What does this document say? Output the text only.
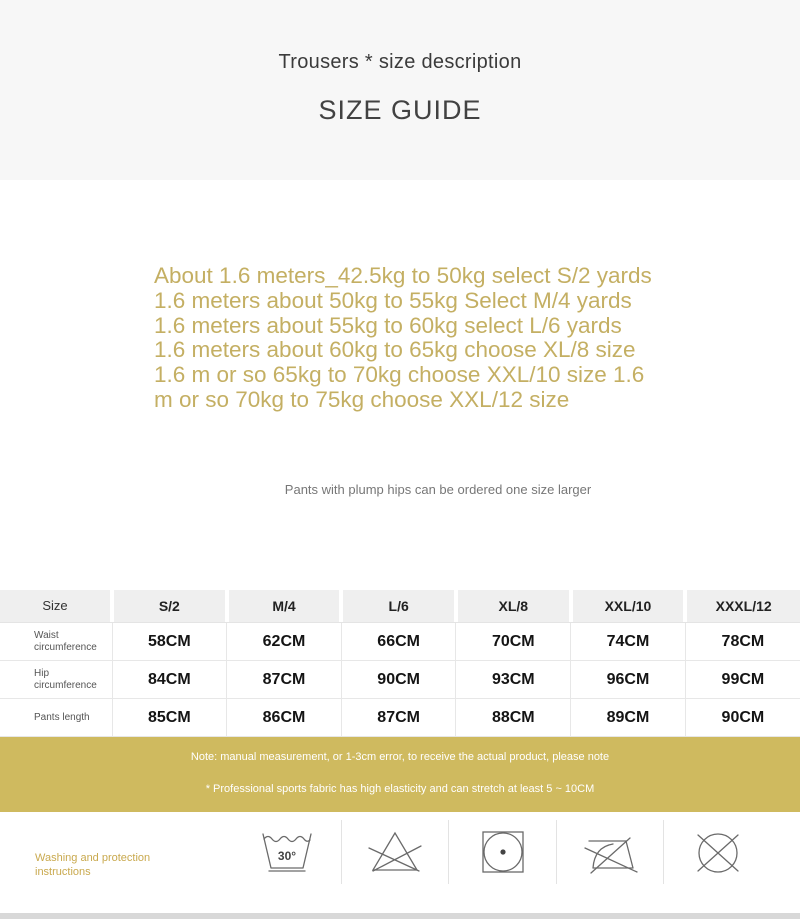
Trousers * size description
SIZE GUIDE

About 1.6 meters_42.5kg to 50kg select S/2 yards 1.6 meters about 50kg to 55kg Select M/4 yards 1.6 meters about 55kg to 60kg select L/6 yards 1.6 meters about 60kg to 65kg choose XL/8 size 1.6 m or so 65kg to 70kg choose XXL/10 size 1.6 m or so 70kg to 75kg choose XXL/12 size

Pants with plump hips can be ordered one size larger
Size	S/2	M/4	L/6	XL/8	XXL/10	XXXL/12

Waist circumference	58CM	62CM	66CM	70CM	74CM	78CM

Hip circumference	84CM	87CM	90CM	93CM	96CM	99CM

Pants length	85CM	86CM	87CM	88CM	89CM	90CM
Note: manual measurement, or 1-3cm error, to receive the actual product, please note
* Professional sports fabric has high elasticity and can stretch at least 5 ~ 10CM
Washing and protection instructions
30°
